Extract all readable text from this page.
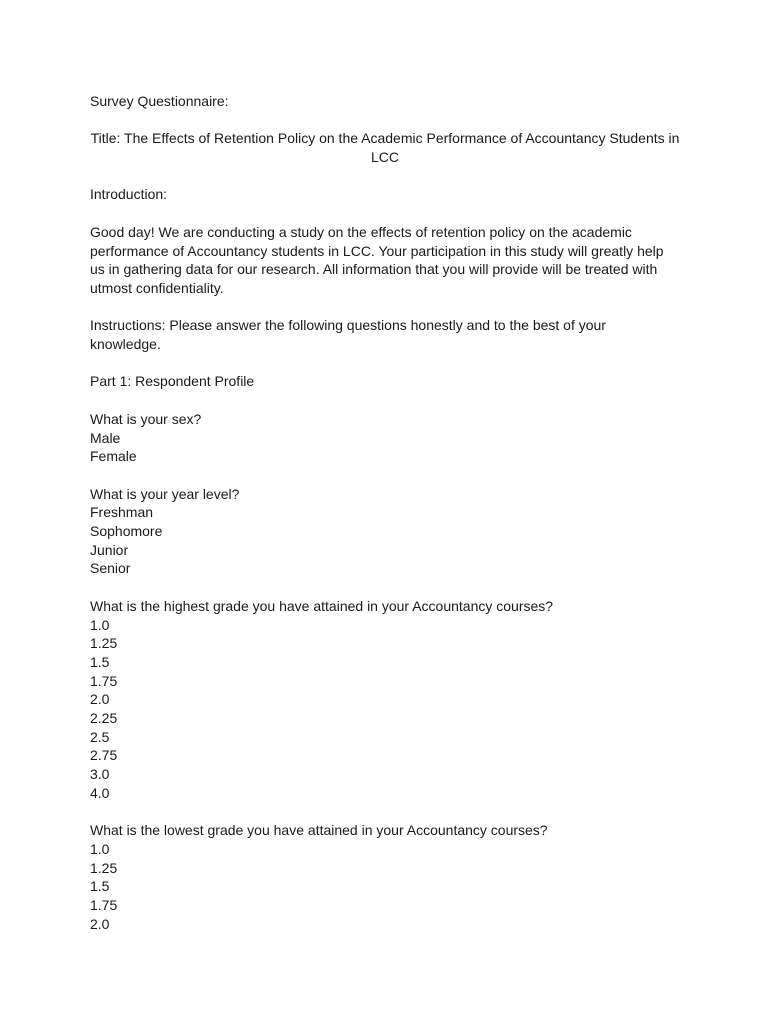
Survey Questionnaire:

Title: The Effects of Retention Policy on the Academic Performance of Accountancy Students in LCC

Introduction:

Good day! We are conducting a study on the effects of retention policy on the academic performance of Accountancy students in LCC. Your participation in this study will greatly help us in gathering data for our research. All information that you will provide will be treated with utmost confidentiality.

Instructions: Please answer the following questions honestly and to the best of your knowledge.

Part 1: Respondent Profile

What is your sex?
Male
Female
What is your year level?
Freshman
Sophomore
Junior
Senior
What is the highest grade you have attained in your Accountancy courses?
1.0
1.25
1.5
1.75
2.0
2.25
2.5
2.75
3.0
4.0
What is the lowest grade you have attained in your Accountancy courses?
1.0
1.25
1.5
1.75
2.0
